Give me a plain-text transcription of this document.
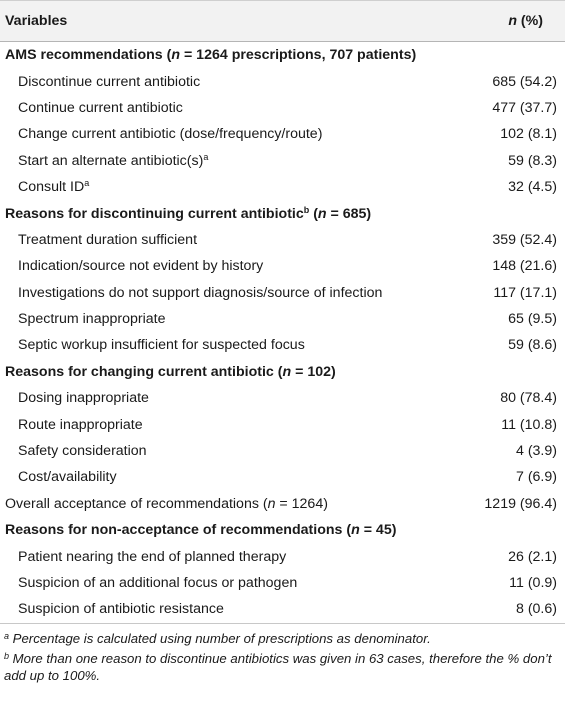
Variables	n (%)
AMS recommendations (n = 1264 prescriptions, 707 patients)	
Discontinue current antibiotic	685 (54.2)
Continue current antibiotic	477 (37.7)
Change current antibiotic (dose/frequency/route)	102 (8.1)
Start an alternate $antibiotic(s)^a$	59 (8.3)
Consult $ID^a$	32 (4.5)
Reasons for discontinuing current antibiotic$^b$ (n = 685)	
Treatment duration sufficient	359 (52.4)
Indication/source not evident by history	148 (21.6)
Investigations do not support diagnosis/source of infection	117 (17.1)
Spectrum inappropriate	65 (9.5)
Septic workup insufficient for suspected focus	59 (8.6)
Reasons for changing current antibiotic (n = 102)	
Dosing inappropriate	80 (78.4)
Route inappropriate	11 (10.8)
Safety consideration	4 (3.9)
Cost/availability	7 (6.9)
Overall acceptance of recommendations (n = 1264)	1219 (96.4)
Reasons for non-acceptance of recommendations (n = 45)	
Patient nearing the end of planned therapy	26 (2.1)
Suspicion of an additional focus or pathogen	11 (0.9)
Suspicion of antibiotic resistance	8 (0.6)

$^a$ Percentage is calculated using number of prescriptions as denominator.

$^b$ More than one reason to discontinue antibiotics was given in 63 cases, therefore the % don’t add up to 100%.
